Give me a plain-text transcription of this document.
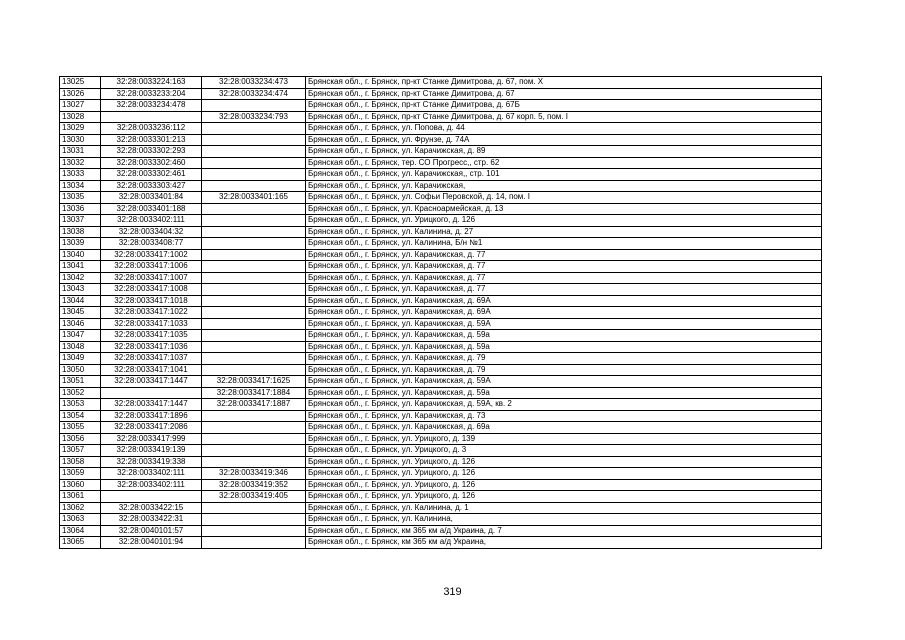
13025	32:28:0033224:163	32:28:0033234:473	Брянская обл., г. Брянск, пр-кт Станке Димитрова, д. 67, пом. X
13026	32:28:0033233:204	32:28:0033234:474	Брянская обл., г. Брянск, пр-кт Станке Димитрова, д. 67
13027	32:28:0033234:478		Брянская обл., г. Брянск, пр-кт Станке Димитрова, д. 67Б
13028		32:28:0033234:793	Брянская обл., г. Брянск, пр-кт Станке Димитрова, д. 67 корп. 5, пом. I
13029	32:28:0033236:112		Брянская обл., г. Брянск, ул. Попова, д. 44
13030	32:28:0033301:213		Брянская обл., г. Брянск, ул. Фрунзе, д. 74А
13031	32:28:0033302:293		Брянская обл., г. Брянск, ул. Карачижская, д. 89
13032	32:28:0033302:460		Брянская обл., г. Брянск, тер. СО Прогресс,, стр. 62
13033	32:28:0033302:461		Брянская обл., г. Брянск, ул. Карачижская,, стр. 101
13034	32:28:0033303:427		Брянская обл., г. Брянск, ул. Карачижская,
13035	32:28:0033401:84	32:28:0033401:165	Брянская обл., г. Брянск, ул. Софьи Перовской, д. 14, пом. I
13036	32:28:0033401:188		Брянская обл., г. Брянск, ул. Красноармейская, д. 13
13037	32:28:0033402:111		Брянская обл., г. Брянск, ул. Урицкого, д. 126
13038	32:28:0033404:32		Брянская обл., г. Брянск, ул. Калинина, д. 27
13039	32:28:0033408:77		Брянская обл., г. Брянск, ул. Калинина, Б/н №1
13040	32:28:0033417:1002		Брянская обл., г. Брянск, ул. Карачижская, д. 77
13041	32:28:0033417:1006		Брянская обл., г. Брянск, ул. Карачижская, д. 77
13042	32:28:0033417:1007		Брянская обл., г. Брянск, ул. Карачижская, д. 77
13043	32:28:0033417:1008		Брянская обл., г. Брянск, ул. Карачижская, д. 77
13044	32:28:0033417:1018		Брянская обл., г. Брянск, ул. Карачижская, д. 69А
13045	32:28:0033417:1022		Брянская обл., г. Брянск, ул. Карачижская, д. 69А
13046	32:28:0033417:1033		Брянская обл., г. Брянск, ул. Карачижская, д. 59А
13047	32:28:0033417:1035		Брянская обл., г. Брянск, ул. Карачижская, д. 59а
13048	32:28:0033417:1036		Брянская обл., г. Брянск, ул. Карачижская, д. 59а
13049	32:28:0033417:1037		Брянская обл., г. Брянск, ул. Карачижская, д. 79
13050	32:28:0033417:1041		Брянская обл., г. Брянск, ул. Карачижская, д. 79
13051	32:28:0033417:1447	32:28:0033417:1625	Брянская обл., г. Брянск, ул. Карачижская, д. 59А
13052		32:28:0033417:1884	Брянская обл., г. Брянск, ул. Карачижская, д. 59а
13053	32:28:0033417:1447	32:28:0033417:1887	Брянская обл., г. Брянск, ул. Карачижская, д. 59А, кв. 2
13054	32:28:0033417:1896		Брянская обл., г. Брянск, ул. Карачижская, д. 73
13055	32:28:0033417:2086		Брянская обл., г. Брянск, ул. Карачижская, д. 69а
13056	32:28:0033417:999		Брянская обл., г. Брянск, ул. Урицкого, д. 139
13057	32:28:0033419:139		Брянская обл., г. Брянск, ул. Урицкого, д. 3
13058	32:28:0033419:338		Брянская обл., г. Брянск, ул. Урицкого, д. 126
13059	32:28:0033402:111	32:28:0033419:346	Брянская обл., г. Брянск, ул. Урицкого, д. 126
13060	32:28:0033402:111	32:28:0033419:352	Брянская обл., г. Брянск, ул. Урицкого, д. 126
13061		32:28:0033419:405	Брянская обл., г. Брянск, ул. Урицкого, д. 126
13062	32:28:0033422:15		Брянская обл., г. Брянск, ул. Калинина, д. 1
13063	32:28:0033422:31		Брянская обл., г. Брянск, ул. Калинина,
13064	32:28:0040101:57		Брянская обл., г. Брянск, км 365 км а/д Украина, д. 7
13065	32:28:0040101:94		Брянская обл., г. Брянск, км 365 км а/д Украина,
319
